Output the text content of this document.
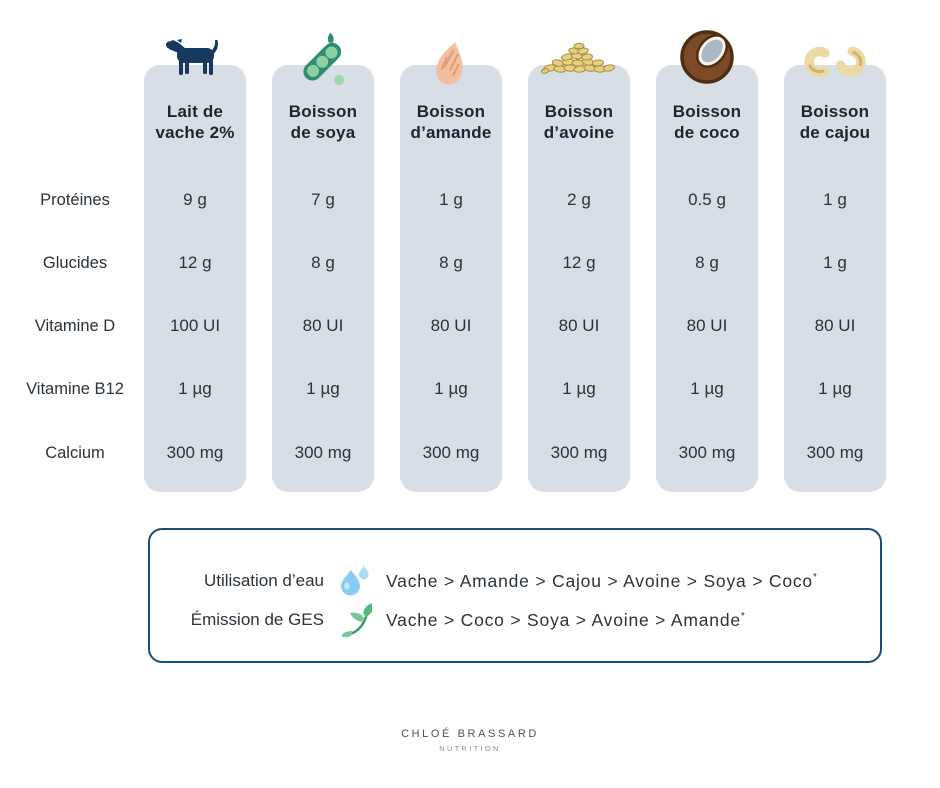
Protéines
Glucides
Vitamine D
Vitamine B12
Calcium
Lait de
vache 2%
9 g
12 g
100 UI
1 µg
300 mg
Boisson
de soya
7 g
8 g
80 UI
1 µg
300 mg
Boisson
d’amande
1 g
8 g
80 UI
1 µg
300 mg
Boisson
d’avoine
2 g
12 g
80 UI
1 µg
300 mg
Boisson
de coco
0.5 g
8 g
80 UI
1 µg
300 mg
Boisson
de cajou
1 g
1 g
80 UI
1 µg
300 mg
Utilisation d’eau	Vache > Amande > Cajou > Avoine > Soya > Coco*
Émission de GES	Vache > Coco > Soya > Avoine > Amande*
CHLOÉ BRASSARD
NUTRITION
